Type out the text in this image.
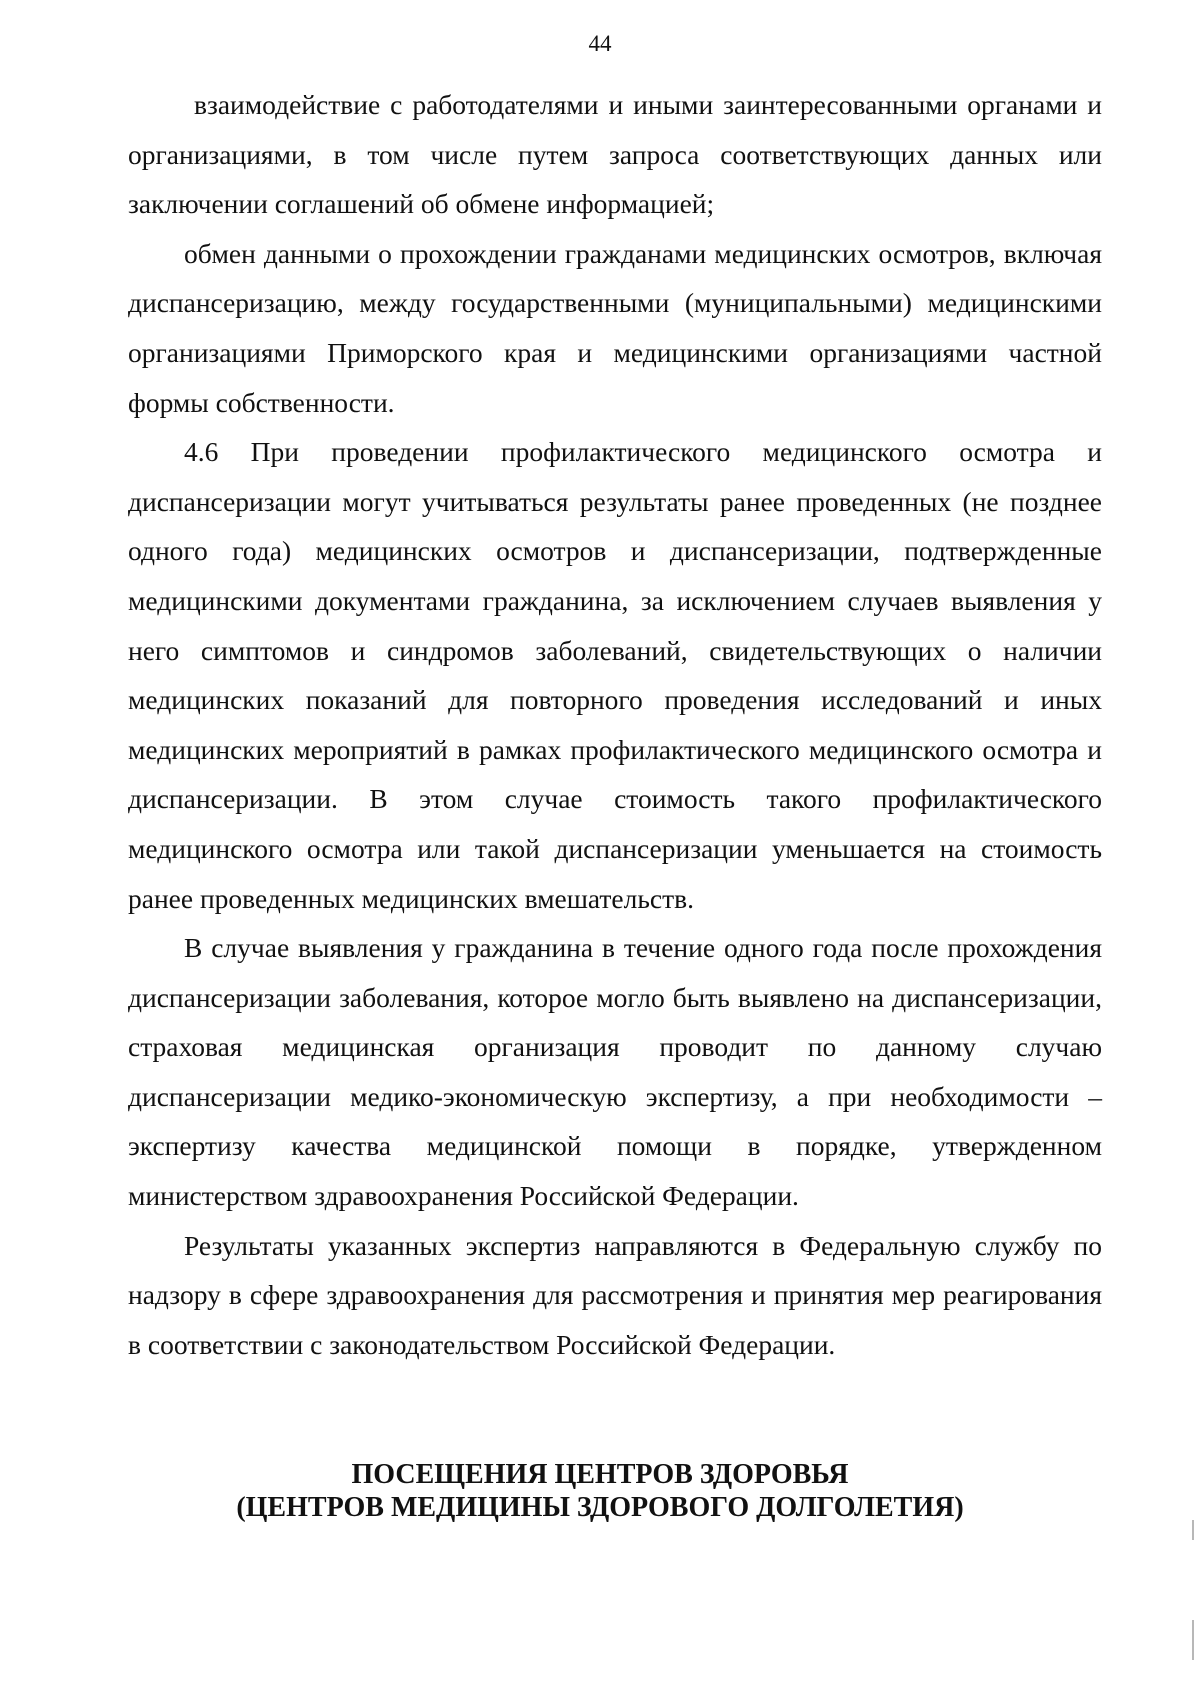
44

взаимодействие с работодателями и иными заинтересованными органами и организациями, в том числе путем запроса соответствующих данных или заключении соглашений об обмене информацией;

обмен данными о прохождении гражданами медицинских осмотров, включая диспансеризацию, между государственными (муниципальными) медицинскими организациями Приморского края и медицинскими организациями частной формы собственности.

4.6 При проведении профилактического медицинского осмотра и диспансеризации могут учитываться результаты ранее проведенных (не позднее одного года) медицинских осмотров и диспансеризации, подтвержденные медицинскими документами гражданина, за исключением случаев выявления у него симптомов и синдромов заболеваний, свидетельствующих о наличии медицинских показаний для повторного проведения исследований и иных медицинских мероприятий в рамках профилактического медицинского осмотра и диспансеризации. В этом случае стоимость такого профилактического медицинского осмотра или такой диспансеризации уменьшается на стоимость ранее проведенных медицинских вмешательств.

В случае выявления у гражданина в течение одного года после прохождения диспансеризации заболевания, которое могло быть выявлено на диспансеризации, страховая медицинская организация проводит по данному случаю диспансеризации медико-экономическую экспертизу, а при необходимости – экспертизу качества медицинской помощи в порядке, утвержденном министерством здравоохранения Российской Федерации.

Результаты указанных экспертиз направляются в Федеральную службу по надзору в сфере здравоохранения для рассмотрения и принятия мер реагирования в соответствии с законодательством Российской Федерации.

ПОСЕЩЕНИЯ ЦЕНТРОВ ЗДОРОВЬЯ
(ЦЕНТРОВ МЕДИЦИНЫ ЗДОРОВОГО ДОЛГОЛЕТИЯ)
